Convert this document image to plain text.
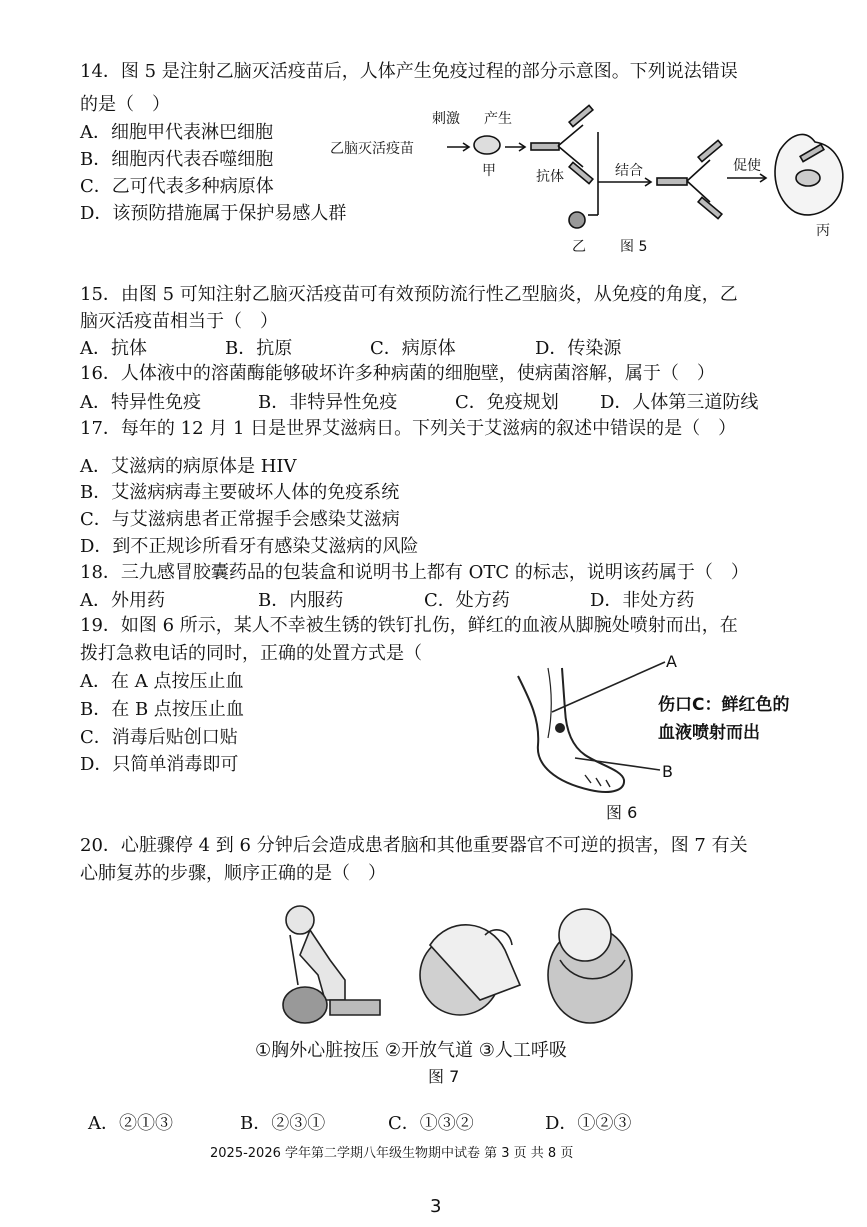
14．图 5 是注射乙脑灭活疫苗后，人体产生免疫过程的部分示意图。下列说法错误
的是（　）
A．细胞甲代表淋巴细胞
B．细胞丙代表吞噬细胞
C．乙可代表多种病原体
D．该预防措施属于保护易感人群
刺激 产生
乙脑灭活疫苗
甲	抗体	结合	促使
乙 图 5
丙
15．由图 5 可知注射乙脑灭活疫苗可有效预防流行性乙型脑炎，从免疫的角度，乙
脑灭活疫苗相当于（　）
A．抗体	B．抗原	C．病原体	D．传染源
16．人体液中的溶菌酶能够破坏许多种病菌的细胞壁，使病菌溶解，属于（　）
A．特异性免疫	B．非特异性免疫	C．免疫规划 D．人体第三道防线
17．每年的 12 月 1 日是世界艾滋病日。下列关于艾滋病的叙述中错误的是（　）
A．艾滋病的病原体是 HIV
B．艾滋病病毒主要破坏人体的免疫系统
C．与艾滋病患者正常握手会感染艾滋病
D．到不正规诊所看牙有感染艾滋病的风险
18．三九感冒胶囊药品的包装盒和说明书上都有 OTC 的标志，说明该药属于（　）
A．外用药	B．内服药	C．处方药	D．非处方药
19．如图 6 所示，某人不幸被生锈的铁钉扎伤，鲜红的血液从脚腕处喷射而出，在
拨打急救电话的同时，正确的处置方式是（
A．在 A 点按压止血
B．在 B 点按压止血
C．消毒后贴创口贴
D．只简单消毒即可
A
B
伤口C：鲜红色的
血液喷射而出
图 6
20．心脏骤停 4 到 6 分钟后会造成患者脑和其他重要器官不可逆的损害，图 7 有关
心肺复苏的步骤，顺序正确的是（　）
①胸外心脏按压 ②开放气道 ③人工呼吸
图 7
A．②①③	B．②③①	C．①③②	D．①②③
2025-2026 学年第二学期八年级生物期中试卷 第 3 页 共 8 页
3
